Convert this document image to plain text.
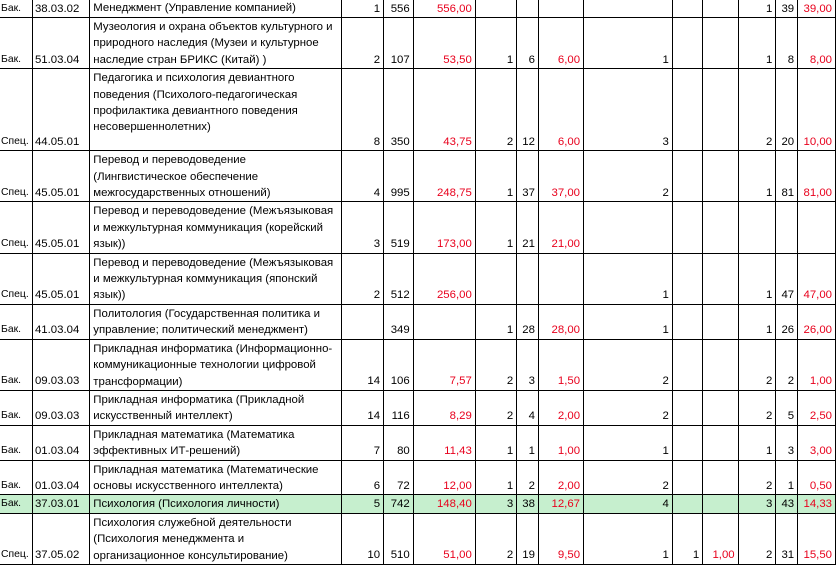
Бак.	38.03.02	Менеджмент (Управление компанией)	1	556	556,00							1	39	39,00
Бак.	51.03.04	Музеология и охрана объектов культурного и природного наследия (Музеи и культурное наследие стран БРИКС (Китай) )	2	107	53,50	1	6	6,00	1			1	8	8,00
Спец.	44.05.01	Педагогика и психология девиантного поведения (Психолого-педагогическая профилактика девиантного поведения несовершеннолетних)	8	350	43,75	2	12	6,00	3			2	20	10,00
Спец.	45.05.01	Перевод и переводоведение (Лингвистическое обеспечение межгосударственных отношений)	4	995	248,75	1	37	37,00	2			1	81	81,00
Спец.	45.05.01	Перевод и переводоведение (Межъязыковая и межкультурная коммуникация (корейский язык))	3	519	173,00	1	21	21,00						
Спец.	45.05.01	Перевод и переводоведение (Межъязыковая и межкультурная коммуникация (японский язык))	2	512	256,00				1			1	47	47,00
Бак.	41.03.04	Политология (Государственная политика и управление; политический менеджмент)		349		1	28	28,00	1			1	26	26,00
Бак.	09.03.03	Прикладная информатика (Информационно-коммуникационные технологии цифровой трансформации)	14	106	7,57	2	3	1,50	2			2	2	1,00
Бак.	09.03.03	Прикладная информатика (Прикладной искусственный интеллект)	14	116	8,29	2	4	2,00	2			2	5	2,50
Бак.	01.03.04	Прикладная математика (Математика эффективных ИТ-решений)	7	80	11,43	1	1	1,00	1			1	3	3,00
Бак.	01.03.04	Прикладная математика (Математические основы искусственного интеллекта)	6	72	12,00	1	2	2,00	2			2	1	0,50
Бак.	37.03.01	Психология (Психология личности)	5	742	148,40	3	38	12,67	4			3	43	14,33
Спец.	37.05.02	Психология служебной деятельности (Психология менеджмента и организационное консультирование)	10	510	51,00	2	19	9,50	1	1	1,00	2	31	15,50
